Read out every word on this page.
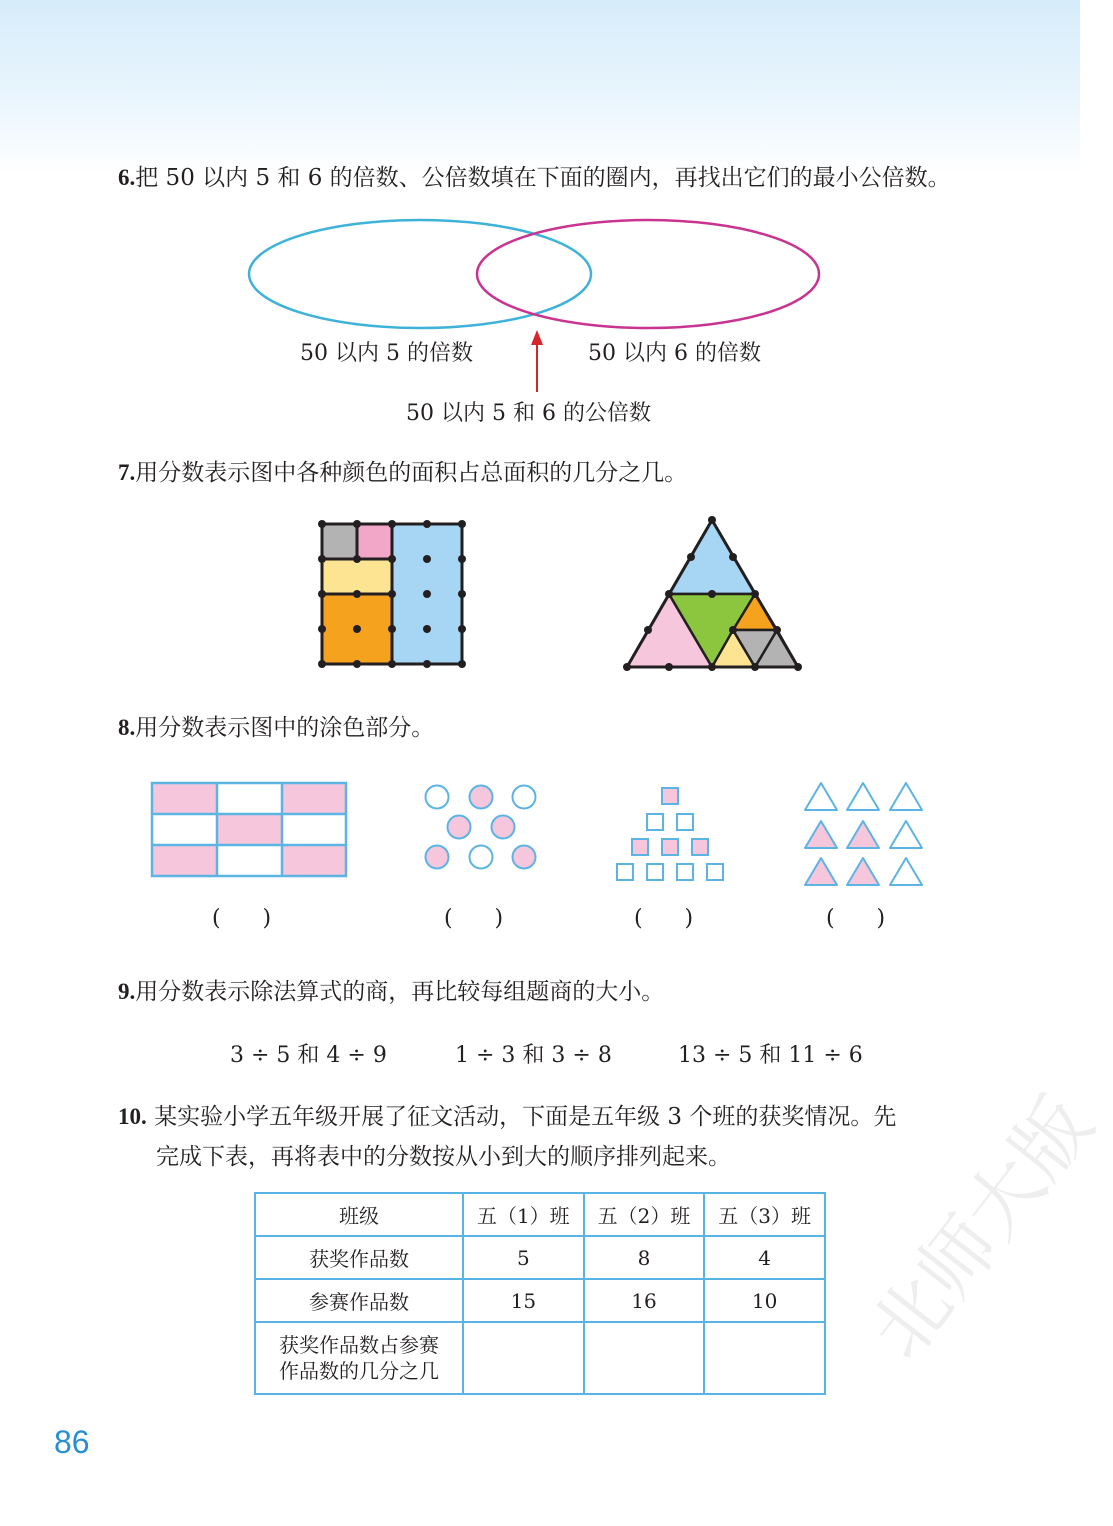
6.把 50 以内 5 和 6 的倍数、公倍数填在下面的圈内，再找出它们的最小公倍数。
50 以内 5 的倍数	50 以内 6 的倍数
50 以内 5 和 6 的公倍数
7.用分数表示图中各种颜色的面积占总面积的几分之几。
8.用分数表示图中的涂色部分。
(      )	(      )	(      )	(      )
9.用分数表示除法算式的商，再比较每组题商的大小。
3 ÷ 5 和 4 ÷ 9	1 ÷ 3 和 3 ÷ 8	13 ÷ 5 和 11 ÷ 6
10. 某实验小学五年级开展了征文活动，下面是五年级 3 个班的获奖情况。先
完成下表，再将表中的分数按从小到大的顺序排列起来。
班级	五（1）班	五（2）班	五（3）班
获奖作品数	5	8	4
参赛作品数	15	16	10

获奖作品数占参赛
作品数的几分之几			

86
北师大版
